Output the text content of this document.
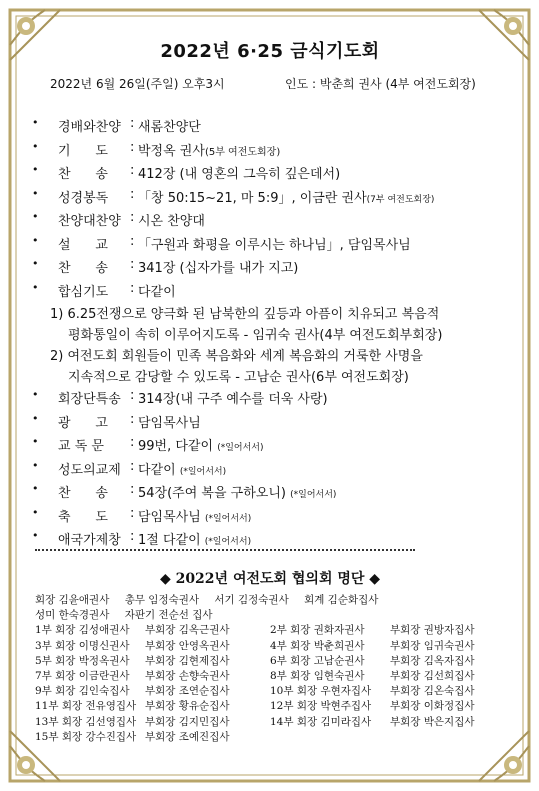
2022년 6·25 금식기도회
2022년 6월 26일(주일) 오후3시	인도 : 박춘희 권사 (4부 여전도회장)
• 경배와찬양 : 새롬찬양단
• 기      도 : 박정옥 권사(5부 여전도회장)
• 찬      송 : 412장 (내 영혼의 그윽히 깊은데서)
• 성경봉독 : 「창 50:15~21, 마 5:9」, 이금란 권사(7부 여전도회장)
• 찬양대찬양 : 시온 찬양대
• 설      교 : 「구원과 화평을 이루시는 하나님」, 담임목사님
• 찬      송 : 341장 (십자가를 내가 지고)
• 합심기도 : 다같이
1) 6.25전쟁으로 양극화 된 남북한의 깊등과 아픔이 치유되고 복음적
평화통일이 속히 이루어지도록 - 임귀숙 권사(4부 여전도회부회장)
2) 여전도회 회원들이 민족 복음화와 세계 복음화의 거룩한 사명을
지속적으로 감당할 수 있도록 - 고남순 권사(6부 여전도회장)
• 회장단특송 : 314장(내 구주 예수를 더욱 사랑)
• 광      고 : 담임목사님
• 교 독 문 : 99번, 다같이 (*일어서서)
• 성도의교제 : 다같이 (*일어서서)
• 찬      송 : 54장(주여 복을 구하오니) (*일어서서)
• 축      도 : 담임목사님 (*일어서서)
• 애국가제창 : 1절 다같이 (*일어서서)
◆ 2022년 여전도회 협의회 명단 ◆
회장 김윤애권사 총무 임정숙권사 서기 김정숙권사 회계 김순화집사
성미 한숙경권사 자판기 전순선 집사
1부 회장 김성애권사 부회장 김옥근권사	2부 회장 권화자권사 부회장 권방자집사
3부 회장 이명신권사 부회장 안영옥권사	4부 회장 박춘희권사 부회장 임귀숙권사
5부 회장 박정옥권사 부회장 김현제집사	6부 회장 고남순권사 부회장 김옥자집사
7부 회장 이금란권사 부회장 손향숙권사	8부 회장 임현숙권사 부회장 김선희집사
9부 회장 김인숙집사 부회장 조연순집사	10부 회장 우현자집사 부회장 김온숙집사
11부 회장 전유영집사 부회장 황유순집사	12부 회장 박현주집사 부회장 이화정집사
13부 회장 김선영집사 부회장 김지민집사	14부 회장 김미라집사 부회장 박은지집사
15부 회장 강수진집사 부회장 조예진집사
